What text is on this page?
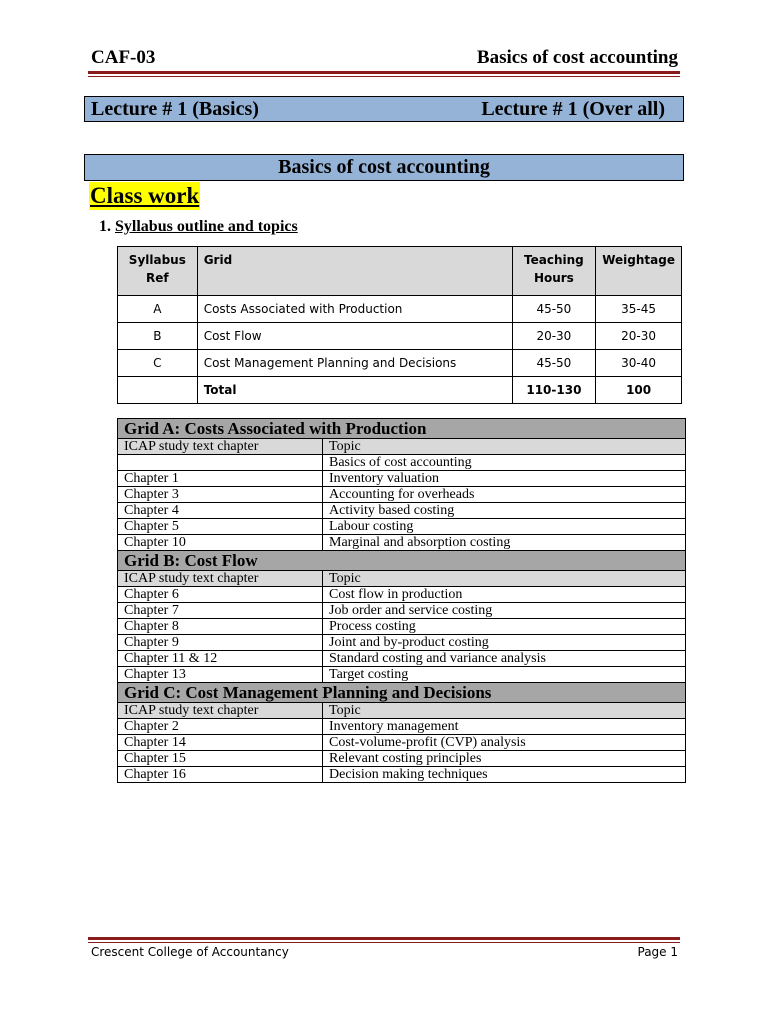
CAF-03	Basics of cost accounting
Lecture # 1 (Basics)	Lecture # 1 (Over all)
Basics of cost accounting
Class work
1. Syllabus outline and topics
Syllabus Ref	Grid	Teaching Hours	Weightage
A	Costs Associated with Production	45-50	35-45
B	Cost Flow	20-30	20-30
C	Cost Management Planning and Decisions	45-50	30-40
	Total	110-130	100
Grid A: Costs Associated with Production	
ICAP study text chapter	Topic
	Basics of cost accounting
Chapter 1	Inventory valuation
Chapter 3	Accounting for overheads
Chapter 4	Activity based costing
Chapter 5	Labour costing
Chapter 10	Marginal and absorption costing
Grid B: Cost Flow	
ICAP study text chapter	Topic
Chapter 6	Cost flow in production
Chapter 7	Job order and service costing
Chapter 8	Process costing
Chapter 9	Joint and by-product costing
Chapter 11 & 12	Standard costing and variance analysis
Chapter 13	Target costing
Grid C: Cost Management Planning and Decisions	
ICAP study text chapter	Topic
Chapter 2	Inventory management
Chapter 14	Cost-volume-profit (CVP) analysis
Chapter 15	Relevant costing principles
Chapter 16	Decision making techniques
Crescent College of Accountancy	Page 1
